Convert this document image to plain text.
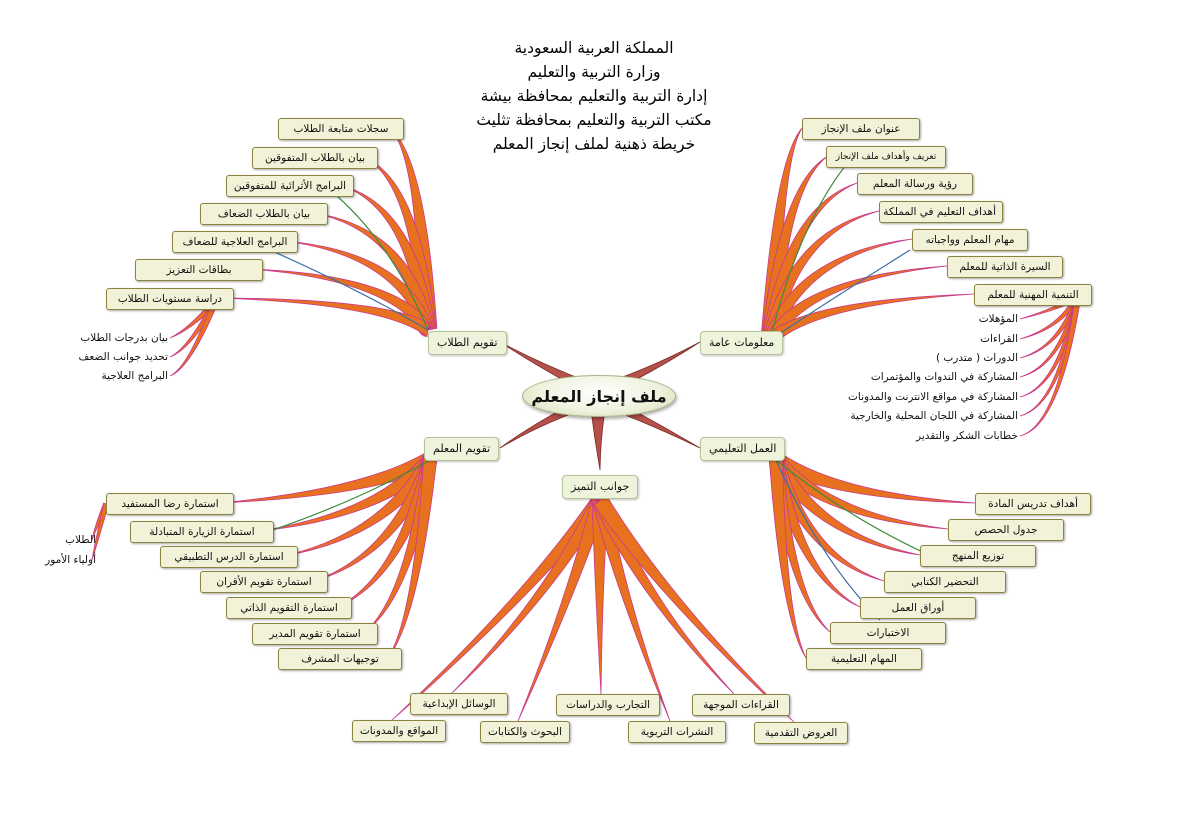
المملكة العربية السعودية
وزارة التربية والتعليم
إدارة التربية والتعليم بمحافظة بيشة
مكتب التربية والتعليم بمحافظة تثليث
خريطة ذهنية لملف إنجاز المعلم
ملف إنجاز المعلم
معلومات عامة
تقويم الطلاب
تقويم المعلم	العمل التعليمي
جوانب التميز
عنوان ملف الإنجاز
تعريف وأهداف ملف الإنجاز
رؤية ورسالة المعلم
أهداف التعليم في المملكة
مهام المعلم وواجباته
السيرة الذاتية للمعلم
التنمية المهنية للمعلم
المؤهلات
القراءات
الدورات ( متدرب )
المشاركة في الندوات والمؤتمرات
المشاركة في مواقع الانترنت والمدونات
المشاركة في اللجان المحلية والخارجية
خطابات الشكر والتقدير
سجلات متابعة الطلاب
بيان بالطلاب المتفوقين
البرامج الأثرائية للمتفوقين
بيان بالطلاب الضعاف
البرامج العلاجية للضعاف
بطاقات التعزيز
دراسة مستويات الطلاب
بيان بدرجات الطلاب
تحديد جوانب الضعف
البرامج العلاجية
استمارة رضا المستفيد
استمارة الزيارة المتبادلة
استمارة الدرس التطبيقي
استمارة تقويم الأقران
استمارة التقويم الذاتي
استمارة تقويم المدير
توجيهات المشرف
الطلاب
أولياء الأمور
أهداف تدريس المادة
جدول الحصص
توزيع المنهج
التحضير الكتابي
أوراق العمل
الاختبارات
المهام التعليمية
المواقع والمدونات
الوسائل الإبداعية
البحوث والكتابات
التجارب والدراسات
النشرات التربوية
القراءات الموجهة
العروض التقدمية
